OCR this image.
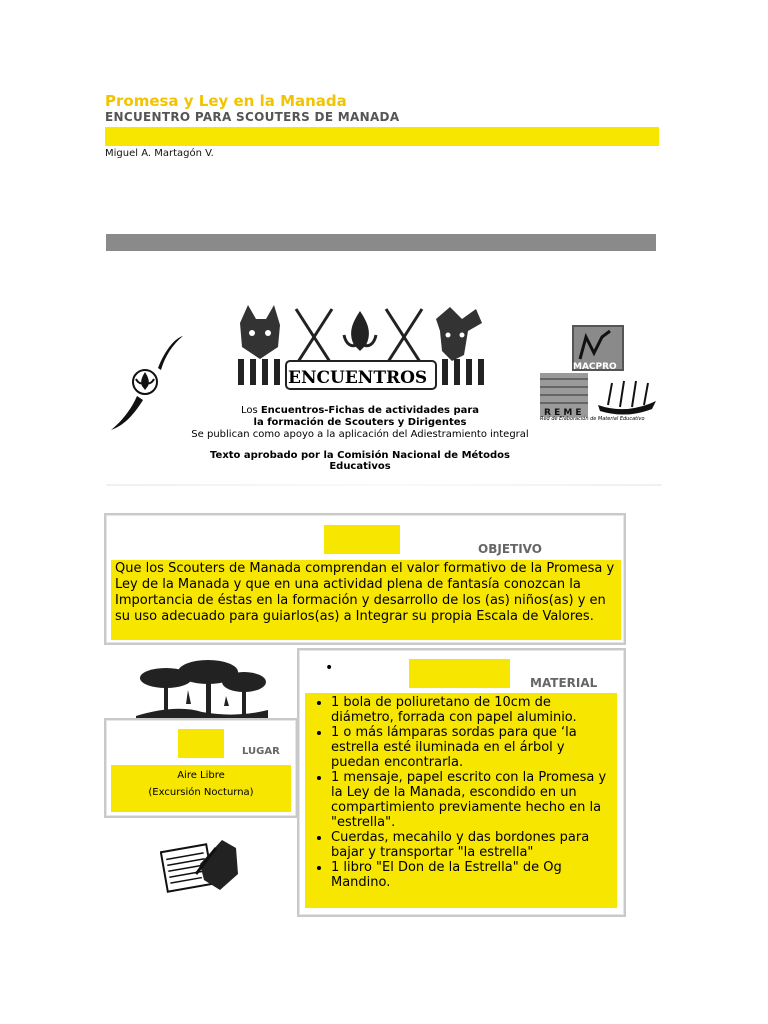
Promesa y Ley en la Manada
ENCUENTRO PARA SCOUTERS DE MANADA
Miguel A. Martagón V.
ENCUENTROS
Los Encuentros-Fichas de actividades para
la formación de Scouters y Dirigentes
Se publican como apoyo a la aplicación del Adiestramiento integral
Texto aprobado por la Comisión Nacional de Métodos Educativos
R E M E
MACPRO
Red de Elaboración de Material Educativo
OBJETIVO
Que los Scouters de Manada comprendan el valor formativo de la Promesa y Ley de la Manada y que en una actividad plena de fantasía conozcan la Importancia de éstas en la formación y desarrollo de los (as) niños(as) y en su uso adecuado para guiarlos(as) a Integrar su propia Escala de Valores.
LUGAR
Aire Libre
(Excursión Nocturna)
•
MATERIAL
• 1 bola de poliuretano de 10cm de diámetro, forrada con papel aluminio.
• 1 o más lámparas sordas para que ‘la estrella esté iluminada en el árbol y puedan encontrarla.
• 1 mensaje, papel escrito con la Promesa y la Ley de la Manada, escondido en un compartimiento previamente hecho en la "estrella".
• Cuerdas, mecahilo y das bordones para bajar y transportar "la estrella"
• 1 libro "El Don de la Estrella" de Og Mandino.
